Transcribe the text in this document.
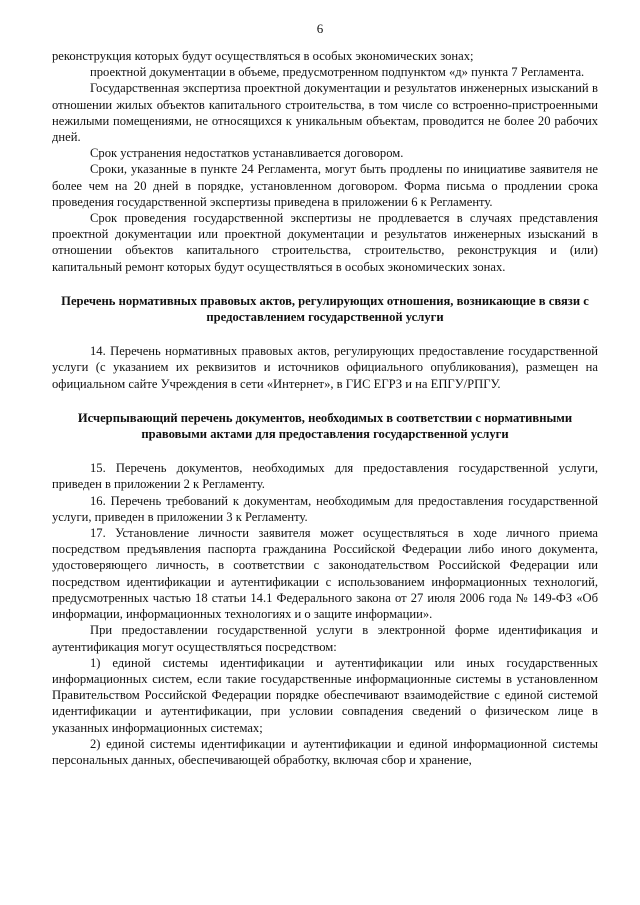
6

реконструкция которых будут осуществляться в особых экономических зонах;

проектной документации в объеме, предусмотренном подпунктом «д» пункта 7 Регламента.

Государственная экспертиза проектной документации и результатов инженерных изысканий в отношении жилых объектов капитального строительства, в том числе со встроенно-пристроенными нежилыми помещениями, не относящихся к уникальным объектам, проводится не более 20 рабочих дней.

Срок устранения недостатков устанавливается договором.

Сроки, указанные в пункте 24 Регламента, могут быть продлены по инициативе заявителя не более чем на 20 дней в порядке, установленном договором. Форма письма о продлении срока проведения государственной экспертизы приведена в приложении 6 к Регламенту.

Срок проведения государственной экспертизы не продлевается в случаях представления проектной документации или проектной документации и результатов инженерных изысканий в отношении объектов капитального строительства, строительство, реконструкция и (или) капитальный ремонт которых будут осуществляться в особых экономических зонах.

Перечень нормативных правовых актов, регулирующих отношения, возникающие в связи с предоставлением государственной услуги

14. Перечень нормативных правовых актов, регулирующих предоставление государственной услуги (с указанием их реквизитов и источников официального опубликования), размещен на официальном сайте Учреждения в сети «Интернет», в ГИС ЕГРЗ и на ЕПГУ/РПГУ.

Исчерпывающий перечень документов, необходимых в соответствии с нормативными правовыми актами для предоставления государственной услуги

15. Перечень документов, необходимых для предоставления государственной услуги, приведен в приложении 2 к Регламенту.

16. Перечень требований к документам, необходимым для предоставления государственной услуги, приведен в приложении 3 к Регламенту.

17. Установление личности заявителя может осуществляться в ходе личного приема посредством предъявления паспорта гражданина Российской Федерации либо иного документа, удостоверяющего личность, в соответствии с законодательством Российской Федерации или посредством идентификации и аутентификации с использованием информационных технологий, предусмотренных частью 18 статьи 14.1 Федерального закона от 27 июля 2006 года № 149-ФЗ «Об информации, информационных технологиях и о защите информации».

При предоставлении государственной услуги в электронной форме идентификация и аутентификация могут осуществляться посредством:

1) единой системы идентификации и аутентификации или иных государственных информационных систем, если такие государственные информационные системы в установленном Правительством Российской Федерации порядке обеспечивают взаимодействие с единой системой идентификации и аутентификации, при условии совпадения сведений о физическом лице в указанных информационных системах;

2) единой системы идентификации и аутентификации и единой информационной системы персональных данных, обеспечивающей обработку, включая сбор и хранение,
